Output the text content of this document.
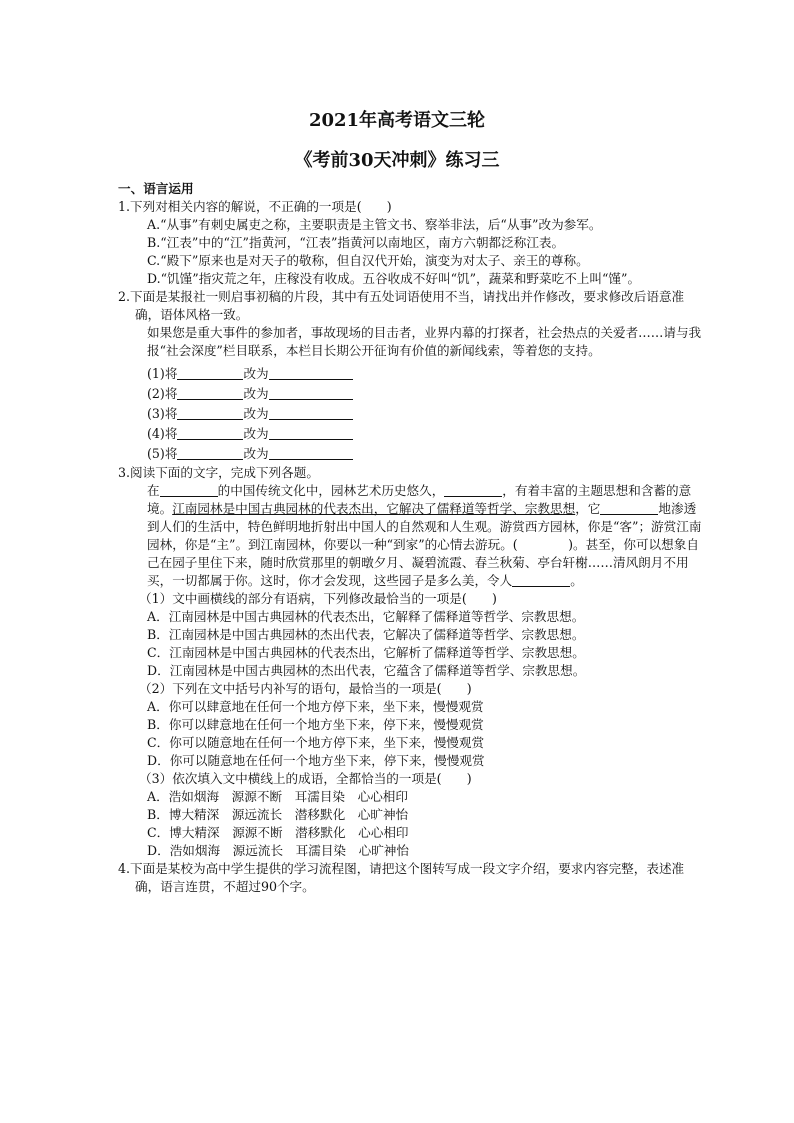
2021年高考语文三轮
《考前30天冲刺》练习三

一、语言运用

1.下列对相关内容的解说，不正确的一项是(　　)

A.“从事”有刺史属吏之称，主要职责是主管文书、察举非法，后“从事”改为参军。

B.“江表”中的“江”指黄河，“江表”指黄河以南地区，南方六朝都泛称江表。

C.“殿下”原来也是对天子的敬称，但自汉代开始，演变为对太子、亲王的尊称。

D.“饥馑”指灾荒之年，庄稼没有收成。五谷收成不好叫“饥”，蔬菜和野菜吃不上叫“馑”。

2.下面是某报社一则启事初稿的片段，其中有五处词语使用不当，请找出并作修改，要求修改后语意准确，语体风格一致。

如果您是重大事件的参加者，事故现场的目击者，业界内幕的打探者，社会热点的关爱者……请与我报“社会深度”栏目联系，本栏目长期公开征询有价值的新闻线索，等着您的支持。

(1)将	改为

(2)将	改为

(3)将	改为

(4)将	改为

(5)将	改为

3.阅读下面的文字，完成下列各题。

在	的中国传统文化中，园林艺术历史悠久，	，有着丰富的主题思想和含蓄的意境。江南园林是中国古典园林的代表杰出，它解决了儒释道等哲学、宗教思想，它	地渗透到人们的生活中，特色鲜明地折射出中国人的自然观和人生观。游赏西方园林，你是“客”；游赏江南园林，你是“主”。到江南园林，你要以一种“到家”的心情去游玩。(　　　　)。甚至，你可以想象自己在园子里住下来，随时欣赏那里的朝暾夕月、凝碧流霞、春兰秋菊、亭台轩榭……清风朗月不用买，一切都属于你。这时，你才会发现，这些园子是多么美，令人	。

（1）文中画横线的部分有语病，下列修改最恰当的一项是(　　)

A．江南园林是中国古典园林的代表杰出，它解释了儒释道等哲学、宗教思想。

B．江南园林是中国古典园林的杰出代表，它解决了儒释道等哲学、宗教思想。

C．江南园林是中国古典园林的代表杰出，它解析了儒释道等哲学、宗教思想。

D．江南园林是中国古典园林的杰出代表，它蕴含了儒释道等哲学、宗教思想。

（2）下列在文中括号内补写的语句，最恰当的一项是(　　)

A．你可以肆意地在任何一个地方停下来，坐下来，慢慢观赏

B．你可以肆意地在任何一个地方坐下来，停下来，慢慢观赏

C．你可以随意地在任何一个地方停下来，坐下来，慢慢观赏

D．你可以随意地在任何一个地方坐下来，停下来，慢慢观赏

（3）依次填入文中横线上的成语，全都恰当的一项是(　　)

A．浩如烟海　源源不断　耳濡目染　心心相印

B．博大精深　源远流长　潜移默化　心旷神怡

C．博大精深　源源不断　潜移默化　心心相印

D．浩如烟海　源远流长　耳濡目染　心旷神怡

4.下面是某校为高中学生提供的学习流程图，请把这个图转写成一段文字介绍，要求内容完整，表述准确，语言连贯，不超过90个字。
